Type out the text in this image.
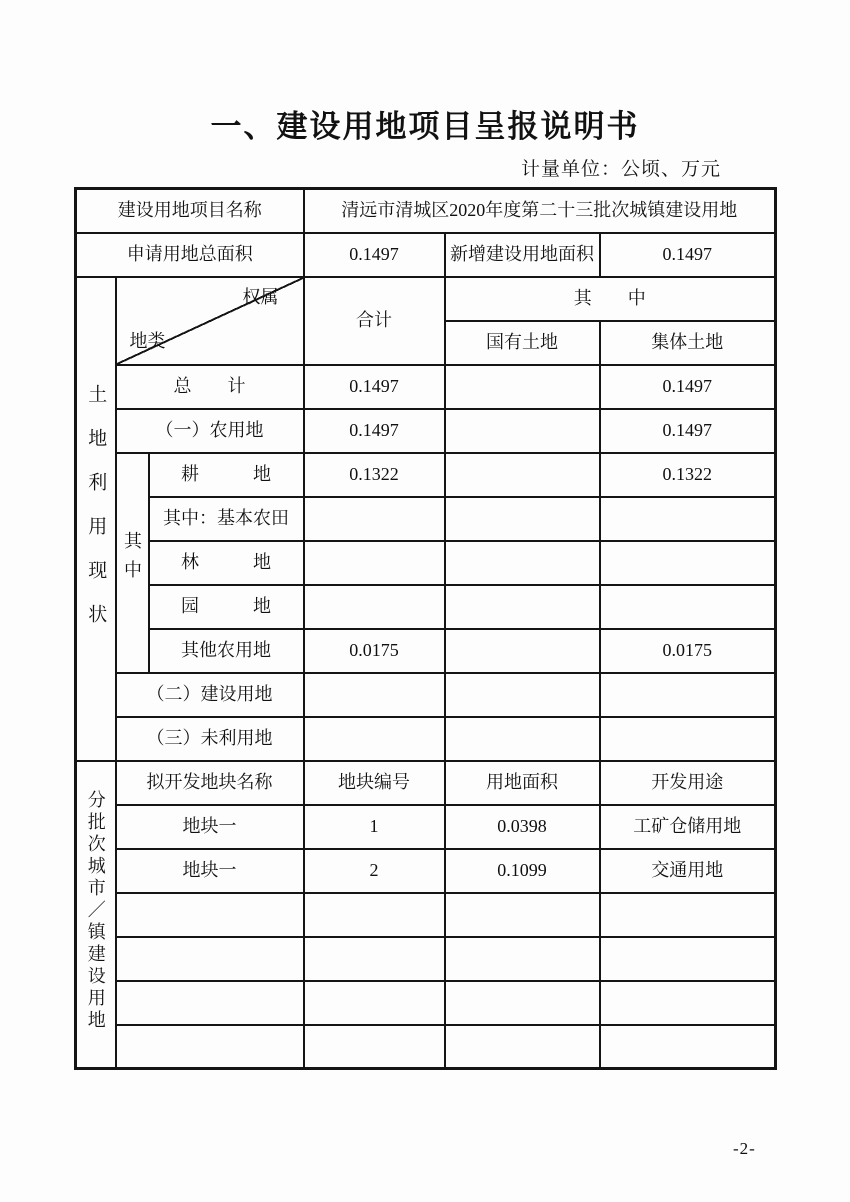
一、建设用地项目呈报说明书
计量单位：公顷、万元
建设用地项目名称			清远市清城区2020年度第二十三批次城镇建设用地		
申请用地总面积			0.1497	新增建设用地面积	0.1497
土地利用现状	权属
地类		合计	其　　中	
				国有土地	集体土地
	总　　计		0.1497		0.1497
	（一）农用地		0.1497		0.1497
	其中	耕　　　地	0.1322		0.1322
		其中：基本农田			
		林　　　地			
		园　　　地			
		其他农用地	0.0175		0.0175
	（二）建设用地				
	（三）未利用地				
分批次城市／镇建设用地	拟开发地块名称		地块编号	用地面积	开发用途
	地块一		1	0.0398	工矿仓储用地
	地块一		2	0.1099	交通用地

-2-
